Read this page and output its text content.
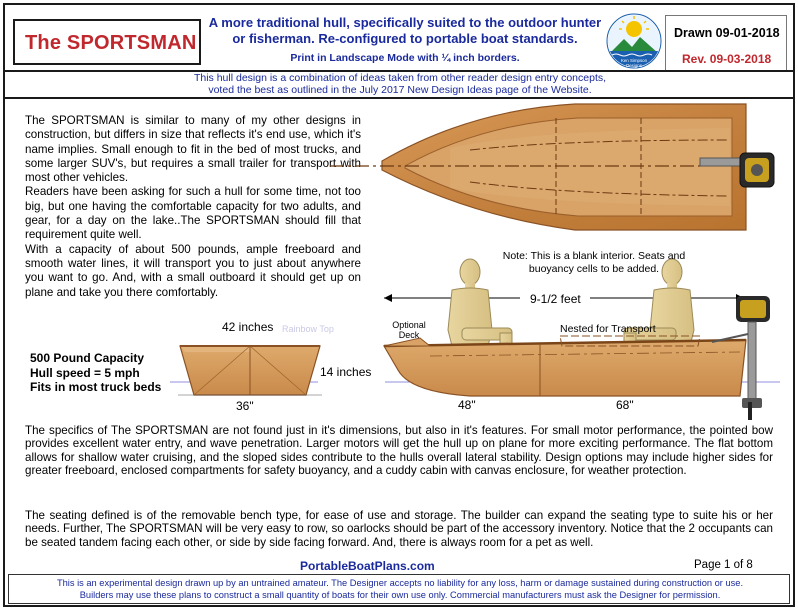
The SPORTSMAN
A more traditional hull, specifically suited to the outdoor hunter or fisherman. Re-configured to portable boat standards.
Print in Landscape Mode with ¼ inch borders.	Ken Simpson
Designs
Drawn 09-01-2018
Rev. 09-03-2018
This hull design is a combination of ideas taken from other reader design entry concepts, voted the best as outlined in the July 2017 New Design Ideas page of the Website.

The SPORTSMAN is similar to many of my other designs in construction, but differs in size that reflects it's end use, which it's name implies. Small enough to fit in the bed of most trucks, and some larger SUV's, but requires a small trailer for transport with most other vehicles.

Readers have been asking for such a hull for some time, not too big, but one having the comfortable capacity for two adults, and gear, for a day on the lake..The SPORTSMAN should fill that requirement quite well.

With a capacity of about 500 pounds, ample freeboard and smooth water lines, it will transport you to just about anywhere you want to go. And, with a small outboard it should get up on plane and take you there comfortably.

Note: This is a blank interior. Seats and buoyancy cells to be added.
9-1/2 feet
42 inches Rainbow Top
36"
14 inches
Optional Deck	Nested for Transport
48"	68"
500 Pound Capacity
Hull speed = 5 mph
Fits in most truck beds
The specifics of The SPORTSMAN are not found just in it's dimensions, but also in it's features. For small motor performance, the pointed bow provides excellent water entry, and wave penetration. Larger motors will get the hull up on plane for more exciting performance. The flat bottom allows for shallow water cruising, and the sloped sides contribute to the hulls overall lateral stability. Design options may include higher sides for greater freeboard, enclosed compartments for safety buoyancy, and a cuddy cabin with canvas enclosure, for weather protection.
The seating defined is of the removable bench type, for ease of use and storage. The builder can expand the seating type to suite his or her needs. Further, The SPORTSMAN will be very easy to row, so oarlocks should be part of the accessory inventory. Notice that the 2 occupants can be seated tandem facing each other, or side by side facing forward. And, there is always room for a pet as well.
PortableBoatPlans.com	Page 1 of 8
This is an experimental design drawn up by an untrained amateur. The Designer accepts no liability for any loss, harm or damage sustained during construction or use.
Builders may use these plans to construct a small quantity of boats for their own use only. Commercial manufacturers must ask the Designer for permission.
